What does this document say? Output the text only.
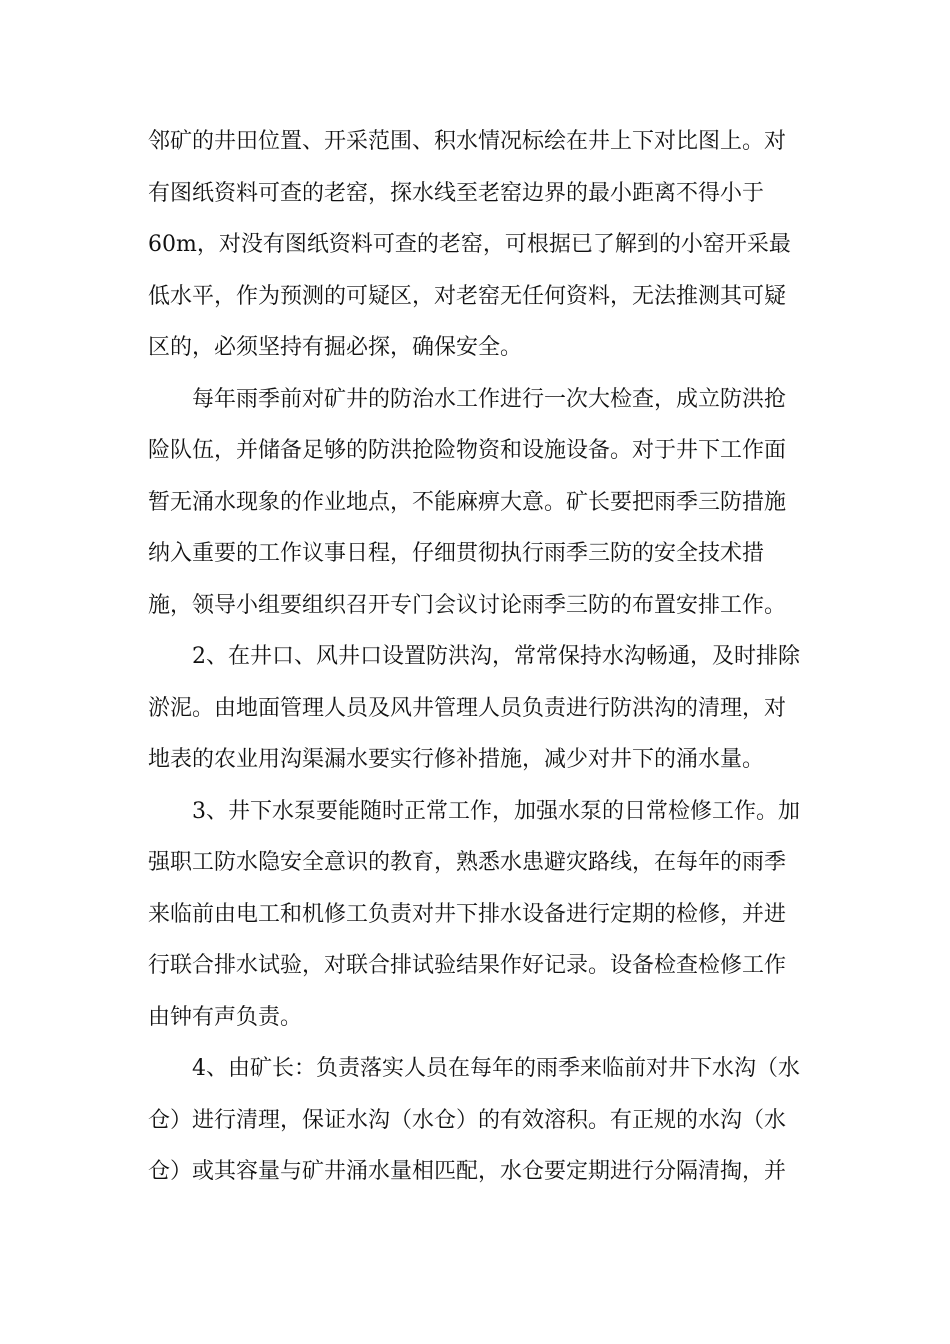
邻矿的井田位置、开采范围、积水情况标绘在井上下对比图上。对
有图纸资料可查的老窑，探水线至老窑边界的最小距离不得小于
60m，对没有图纸资料可查的老窑，可根据已了解到的小窑开采最
低水平，作为预测的可疑区，对老窑无任何资料，无法推测其可疑
区的，必须坚持有掘必探，确保安全。
每年雨季前对矿井的防治水工作进行一次大检查，成立防洪抢
险队伍，并储备足够的防洪抢险物资和设施设备。对于井下工作面
暂无涌水现象的作业地点，不能麻痹大意。矿长要把雨季三防措施
纳入重要的工作议事日程，仔细贯彻执行雨季三防的安全技术措
施，领导小组要组织召开专门会议讨论雨季三防的布置安排工作。
2、在井口、风井口设置防洪沟，常常保持水沟畅通，及时排除
淤泥。由地面管理人员及风井管理人员负责进行防洪沟的清理，对
地表的农业用沟渠漏水要实行修补措施，减少对井下的涌水量。
3、井下水泵要能随时正常工作，加强水泵的日常检修工作。加
强职工防水隐安全意识的教育，熟悉水患避灾路线，在每年的雨季
来临前由电工和机修工负责对井下排水设备进行定期的检修，并进
行联合排水试验，对联合排试验结果作好记录。设备检查检修工作
由钟有声负责。
4、由矿长：负责落实人员在每年的雨季来临前对井下水沟（水
仓）进行清理，保证水沟（水仓）的有效溶积。有正规的水沟（水
仓）或其容量与矿井涌水量相匹配，水仓要定期进行分隔清掏，并
